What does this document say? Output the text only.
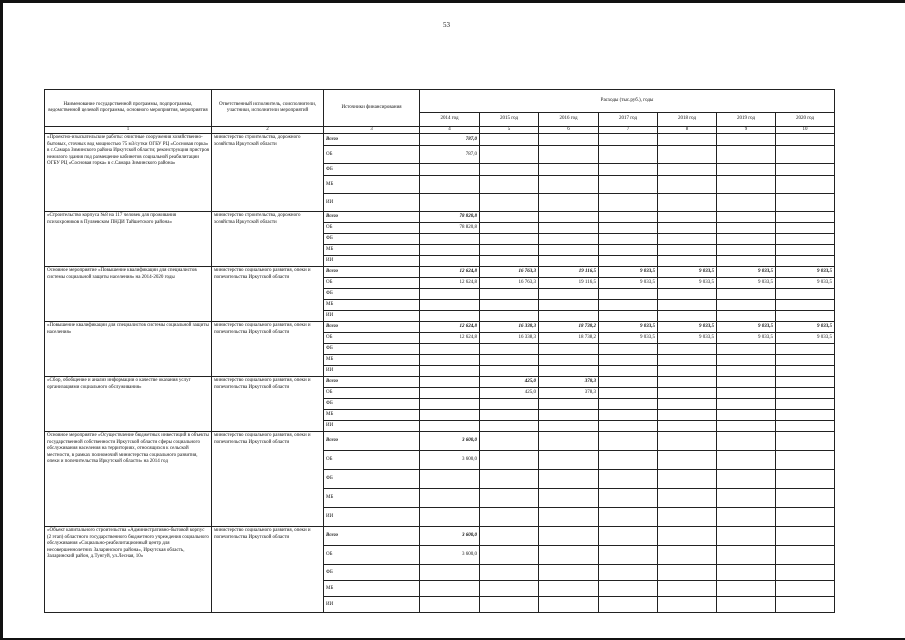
53
Наименование государственной программы, подпрограммы, ведомственной целевой программы, основного мероприятия, мероприятия	Ответственный исполнитель, соисполнители, участники, исполнители мероприятий	Источники финансирования	Расходы (тыс.руб.), годы						
			2014 год	2015 год	2016 год	2017 год	2018 год	2019 год	2020 год
1	2	3	4	5	6	7	8	9	10
«Проектно-изыскательские работы: очистные сооружения хозяйственно-бытовых, сточных вод мощностью 75 м3/сутки ОГБУ РЦ «Сосновая горка» в с.Самара Зиминского района Иркутской области; реконструкция пристроя нежилого здания под размещение кабинетов социальной реабилитации ОГБУ РЦ «Сосновая горка» в с.Самара Зиминского района»	министерство строительства, дорожного хозяйства Иркутской области	Всего	787,0						
		ОБ	787,0						
		ФБ							
		МБ							
		ИИ							
«Строительство корпуса №8 на 117 человек для проживания психохроников в Пуляевском ПНДИ Тайшетского района»	министерство строительства, дорожного хозяйства Иркутской области	Всего	78 820,8						
		ОБ	78 820,8						
		ФБ							
		МБ							
		ИИ							
Основное мероприятие «Повышение квалификации для специалистов системы социальной защиты населения» на 2014-2020 годы	министерство социального развития, опеки и попечительства Иркутской области	Всего	12 624,8	16 763,3	19 116,5	9 033,5	9 033,5	9 033,5	9 033,5
		ОБ	12 624,8	16 763,3	19 116,5	9 033,5	9 033,5	9 033,5	9 033,5
		ФБ							
		МБ							
		ИИ							
«Повышение квалификации для специалистов системы социальной защиты населения»	министерство социального развития, опеки и попечительства Иркутской области	Всего	12 624,8	16 338,3	18 738,2	9 033,5	9 033,5	9 033,5	9 033,5
		ОБ	12 624,8	16 338,3	18 738,2	9 033,5	9 033,5	9 033,5	9 033,5
		ФБ							
		МБ							
		ИИ							
«Сбор, обобщение и анализ информации о качестве оказания услуг организациями социального обслуживания»	министерство социального развития, опеки и попечительства Иркутской области	Всего		425,0	378,3				
		ОБ		425,0	378,3				
		ФБ							
		МБ							
		ИИ							
Основное мероприятие «Осуществление бюджетных инвестиций в объекты государственной собственности Иркутской области сферы социального обслуживания населения на территориях, относящихся к сельской местности, в рамках полномочий министерства социального развития, опеки и попечительства Иркутской области» на 2014 год	министерство социального развития, опеки и попечительства Иркутской области	Всего	3 600,0						
		ОБ	3 600,0						
		ФБ							
		МБ							
		ИИ							
«Объект капитального строительства «Административно-бытовой корпус (2 этап) областного государственного бюджетного учреждения социального обслуживания «Социально-реабилитационный центр для несовершеннолетних Заларинского района», Иркутская область, Заларинский район, д.Тунгуй, ул.Лесная, 10»	министерство социального развития, опеки и попечительства Иркутской области	Всего	3 600,0						
		ОБ	3 600,0						
		ФБ							
		МБ							
		ИИ							
